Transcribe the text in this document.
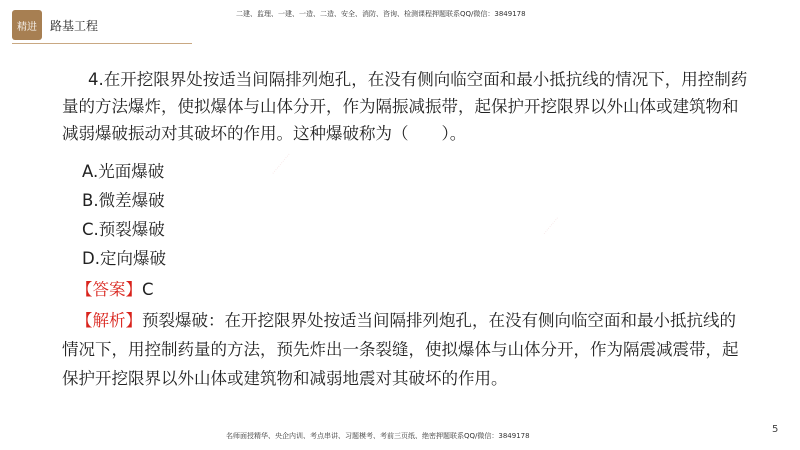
精进	路基工程
二建、监理、一建、一造、二造、安全、消防、咨询、检测课程押题联系QQ/微信：3849178

4.在开挖限界处按适当间隔排列炮孔，在没有侧向临空面和最小抵抗线的情况下，用控制药量的方法爆炸，使拟爆体与山体分开，作为隔振减振带，起保护开挖限界以外山体或建筑物和减弱爆破振动对其破坏的作用。这种爆破称为（　　）。

A.光面爆破
B.微差爆破
C.预裂爆破
D.定向爆破
【答案】C

【解析】预裂爆破：在开挖限界处按适当间隔排列炮孔，在没有侧向临空面和最小抵抗线的情况下，用控制药量的方法，预先炸出一条裂缝，使拟爆体与山体分开，作为隔震减震带，起保护开挖限界以外山体或建筑物和减弱地震对其破坏的作用。

············
··········
名师面授精华、央企内训、考点串讲、习题模考、考前三页纸、绝密押题联系QQ/微信：3849178
5
